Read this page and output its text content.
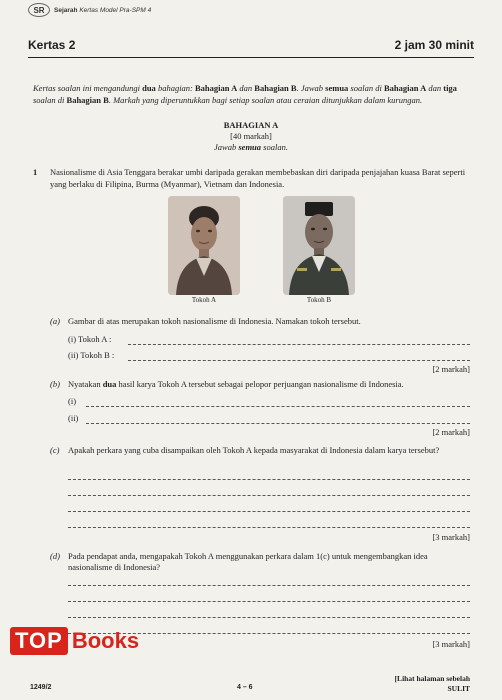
SR	Sejarah Kertas Model Pra-SPM 4
Kertas 2	2 jam 30 minit
Kertas soalan ini mengandungi dua bahagian: Bahagian A dan Bahagian B. Jawab semua soalan di Bahagian A dan tiga soalan di Bahagian B. Markah yang diperuntukkan bagi setiap soalan atau ceraian ditunjukkan dalam kurungan.
BAHAGIAN A
[40 markah]
Jawab semua soalan.
1 Nasionalisme di Asia Tenggara berakar umbi daripada gerakan membebaskan diri daripada penjajahan kuasa Barat seperti yang berlaku di Filipina, Burma (Myanmar), Vietnam dan Indonesia.
Tokoh A	Tokoh B
(a) Gambar di atas merupakan tokoh nasionalisme di Indonesia. Namakan tokoh tersebut.
(i) Tokoh A :
(ii) Tokoh B :
[2 markah]
(b) Nyatakan dua hasil karya Tokoh A tersebut sebagai pelopor perjuangan nasionalisme di Indonesia.
(i)
(ii)
[2 markah]
(c) Apakah perkara yang cuba disampaikan oleh Tokoh A kepada masyarakat di Indonesia dalam karya tersebut?
[3 markah]
(d) Pada pendapat anda, mengapakah Tokoh A menggunakan perkara dalam 1(c) untuk mengembangkan idea nasionalisme di Indonesia?
[3 markah]
TOP Books
1249/2	4 – 6
[Lihat halaman sebelah
SULIT
